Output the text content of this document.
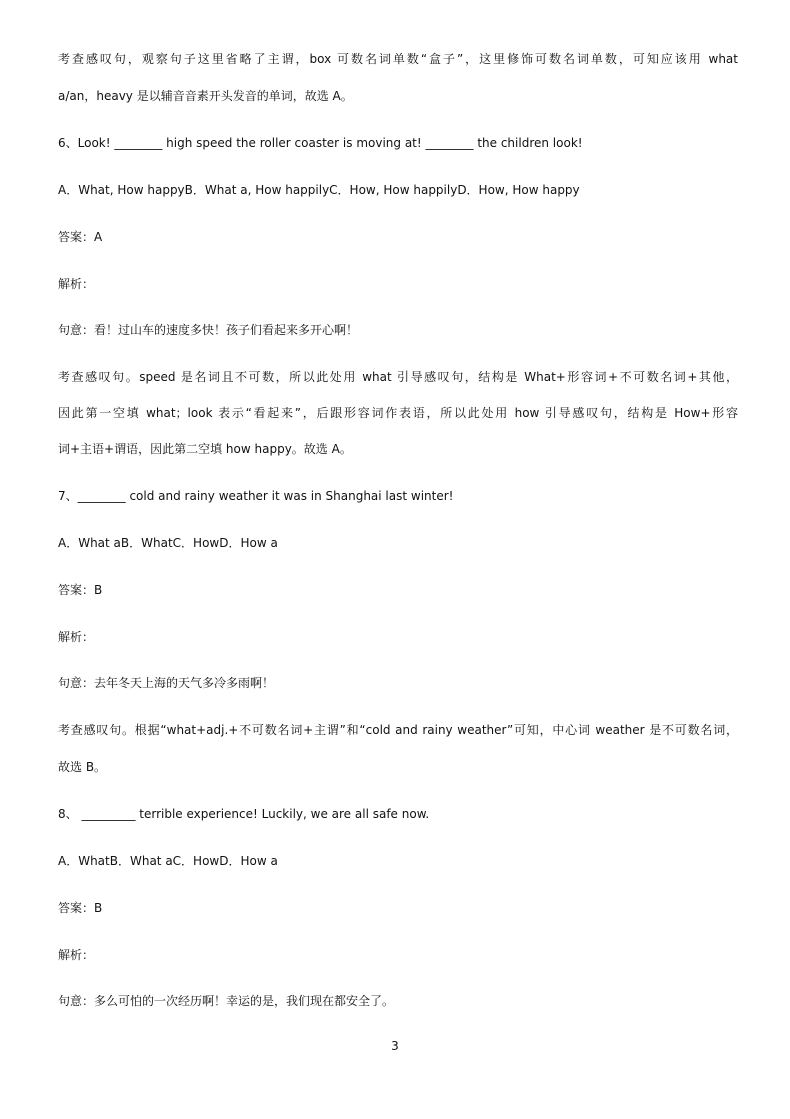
考查感叹句，观察句子这里省略了主谓，box 可数名词单数“盒子”，这里修饰可数名词单数，可知应该用 what
a/an，heavy 是以辅音音素开头发音的单词，故选 A。
6、Look! ________ high speed the roller coaster is moving at! ________ the children look!
A．What, How happyB．What a, How happilyC．How, How happilyD．How, How happy
答案：A
解析：
句意：看！过山车的速度多快！孩子们看起来多开心啊！
考查感叹句。speed 是名词且不可数，所以此处用 what 引导感叹句，结构是 What+形容词+不可数名词+其他，
因此第一空填 what；look 表示“看起来”，后跟形容词作表语，所以此处用 how 引导感叹句，结构是 How+形容
词+主语+谓语，因此第二空填 how happy。故选 A。
7、________ cold and rainy weather it was in Shanghai last winter!
A．What aB．WhatC．HowD．How a
答案：B
解析：
句意：去年冬天上海的天气多冷多雨啊！
考查感叹句。根据“what+adj.+不可数名词+主谓”和“cold and rainy weather”可知，中心词 weather 是不可数名词，
故选 B。
8、 _________ terrible experience! Luckily, we are all safe now.
A．WhatB．What aC．HowD．How a
答案：B
解析：
句意：多么可怕的一次经历啊！幸运的是，我们现在都安全了。
3
